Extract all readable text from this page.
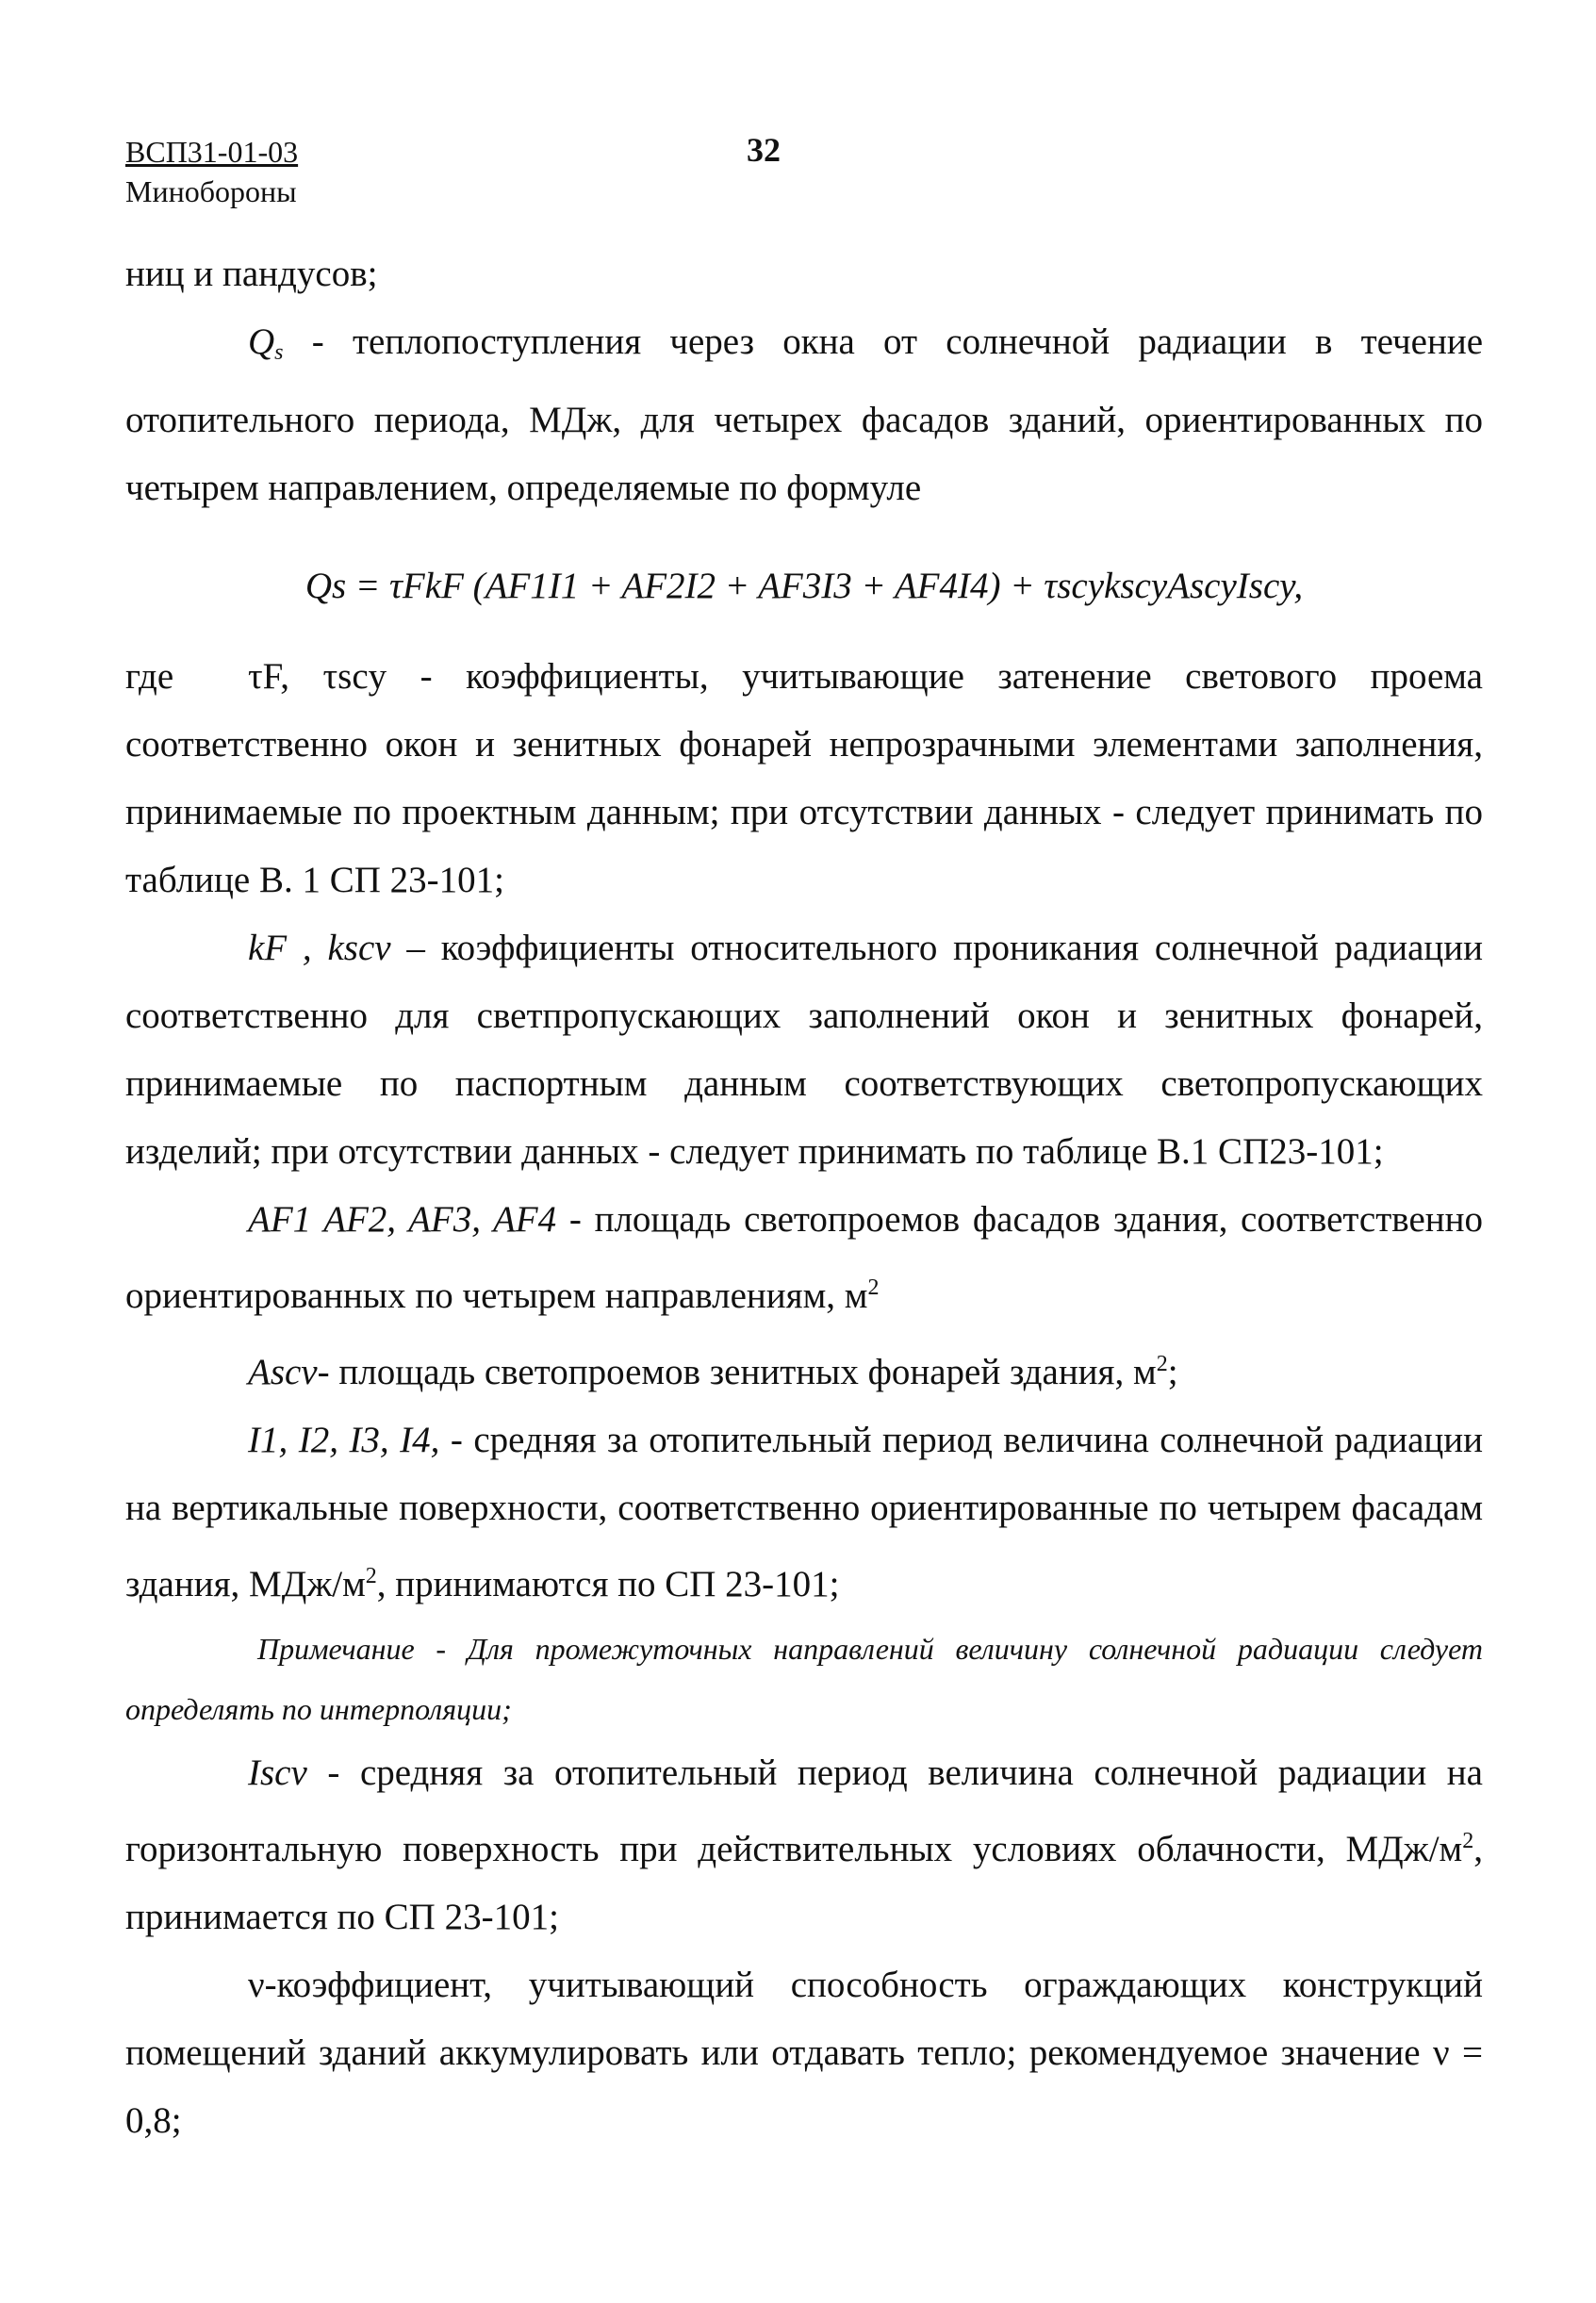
ВСП31-01-03
Минобороны
32

ниц и пандусов;

$Q_s$ - теплопоступления через окна от солнечной радиации в течение отопительного периода, МДж, для четырех фасадов зданий, ориентированных по четырем направлением, определяемые по формуле

Qs = τFkF (AF1I1 + AF2I2 + AF3I3 + AF4I4) + τscykscyAscyIscy,

где τF, τscy - коэффициенты, учитывающие затенение светового проема соответственно окон и зенитных фонарей непрозрачными элементами заполнения, принимаемые по проектным данным; при отсутствии данных - следует принимать по таблице В. 1 СП 23-101;

kF , kscv – коэффициенты относительного проникания солнечной радиации соответственно для светпропускающих заполнений окон и зенитных фонарей, принимаемые по паспортным данным соответствующих светопропускающих изделий; при отсутствии данных - следует принимать по таблице В.1 СП23-101;

AF1 AF2, AF3, AF4 - площадь светопроемов фасадов здания, соответственно ориентированных по четырем направлениям, $м^2$

Ascv- площадь светопроемов зенитных фонарей здания, $м^2$;

I1, I2, I3, I4, - средняя за отопительный период величина солнечной радиации на вертикальные поверхности, соответственно ориентированные по четырем фасадам здания, МДж/$м^2$, принимаются по СП 23-101;

Примечание - Для промежуточных направлений величину солнечной радиации следует определять по интерполяции;

Iscv - средняя за отопительный период величина солнечной радиации на горизонтальную поверхность при действительных условиях облачности, МДж/$м^2$, принимается по СП 23-101;

ν-коэффициент, учитывающий способность ограждающих конструкций помещений зданий аккумулировать или отдавать тепло; рекомендуемое значение ν = 0,8;
